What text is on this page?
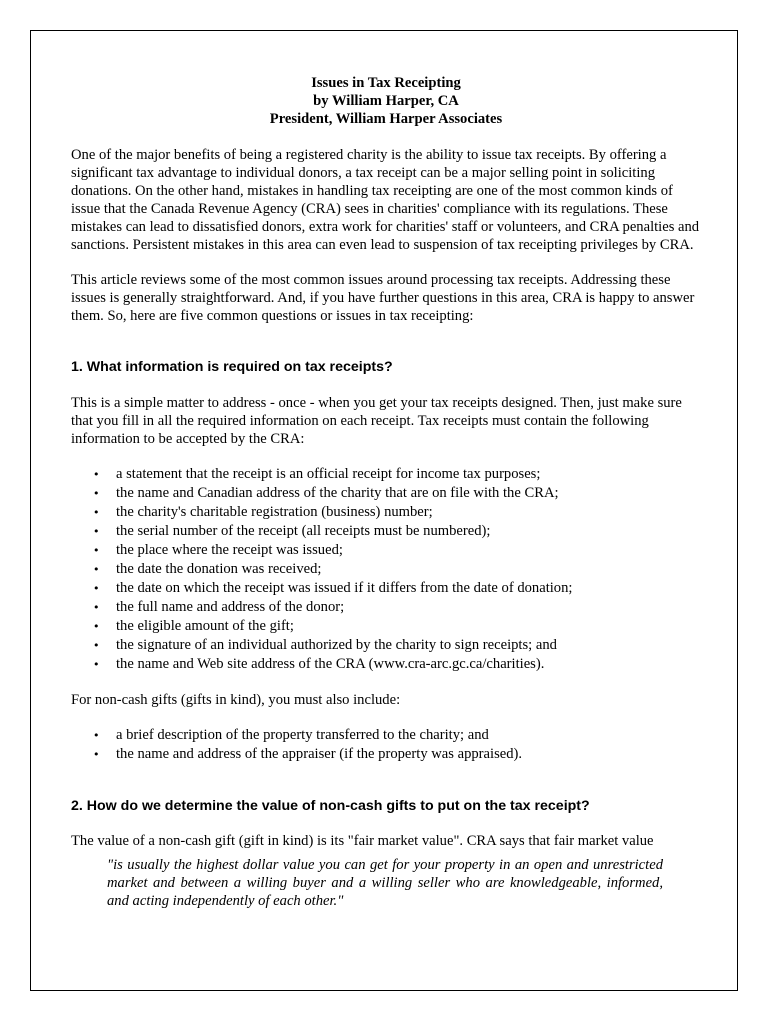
Issues in Tax Receipting
by William Harper, CA
President, William Harper Associates

One of the major benefits of being a registered charity is the ability to issue tax receipts. By offering a significant tax advantage to individual donors, a tax receipt can be a major selling point in soliciting donations. On the other hand, mistakes in handling tax receipting are one of the most common kinds of issue that the Canada Revenue Agency (CRA) sees in charities' compliance with its regulations. These mistakes can lead to dissatisfied donors, extra work for charities' staff or volunteers, and CRA penalties and sanctions. Persistent mistakes in this area can even lead to suspension of tax receipting privileges by CRA.

This article reviews some of the most common issues around processing tax receipts. Addressing these issues is generally straightforward. And, if you have further questions in this area, CRA is happy to answer them. So, here are five common questions or issues in tax receipting:

1. What information is required on tax receipts?

This is a simple matter to address - once - when you get your tax receipts designed. Then, just make sure that you fill in all the required information on each receipt. Tax receipts must contain the following information to be accepted by the CRA:

• a statement that the receipt is an official receipt for income tax purposes;
• the name and Canadian address of the charity that are on file with the CRA;
• the charity's charitable registration (business) number;
• the serial number of the receipt (all receipts must be numbered);
• the place where the receipt was issued;
• the date the donation was received;
• the date on which the receipt was issued if it differs from the date of donation;
• the full name and address of the donor;
• the eligible amount of the gift;
• the signature of an individual authorized by the charity to sign receipts; and
• the name and Web site address of the CRA (www.cra-arc.gc.ca/charities).

For non-cash gifts (gifts in kind), you must also include:

• a brief description of the property transferred to the charity; and
• the name and address of the appraiser (if the property was appraised).
2. How do we determine the value of non-cash gifts to put on the tax receipt?

The value of a non-cash gift (gift in kind) is its "fair market value". CRA says that fair market value

"is usually the highest dollar value you can get for your property in an open and unrestricted market and between a willing buyer and a willing seller who are knowledgeable, informed, and acting independently of each other."
